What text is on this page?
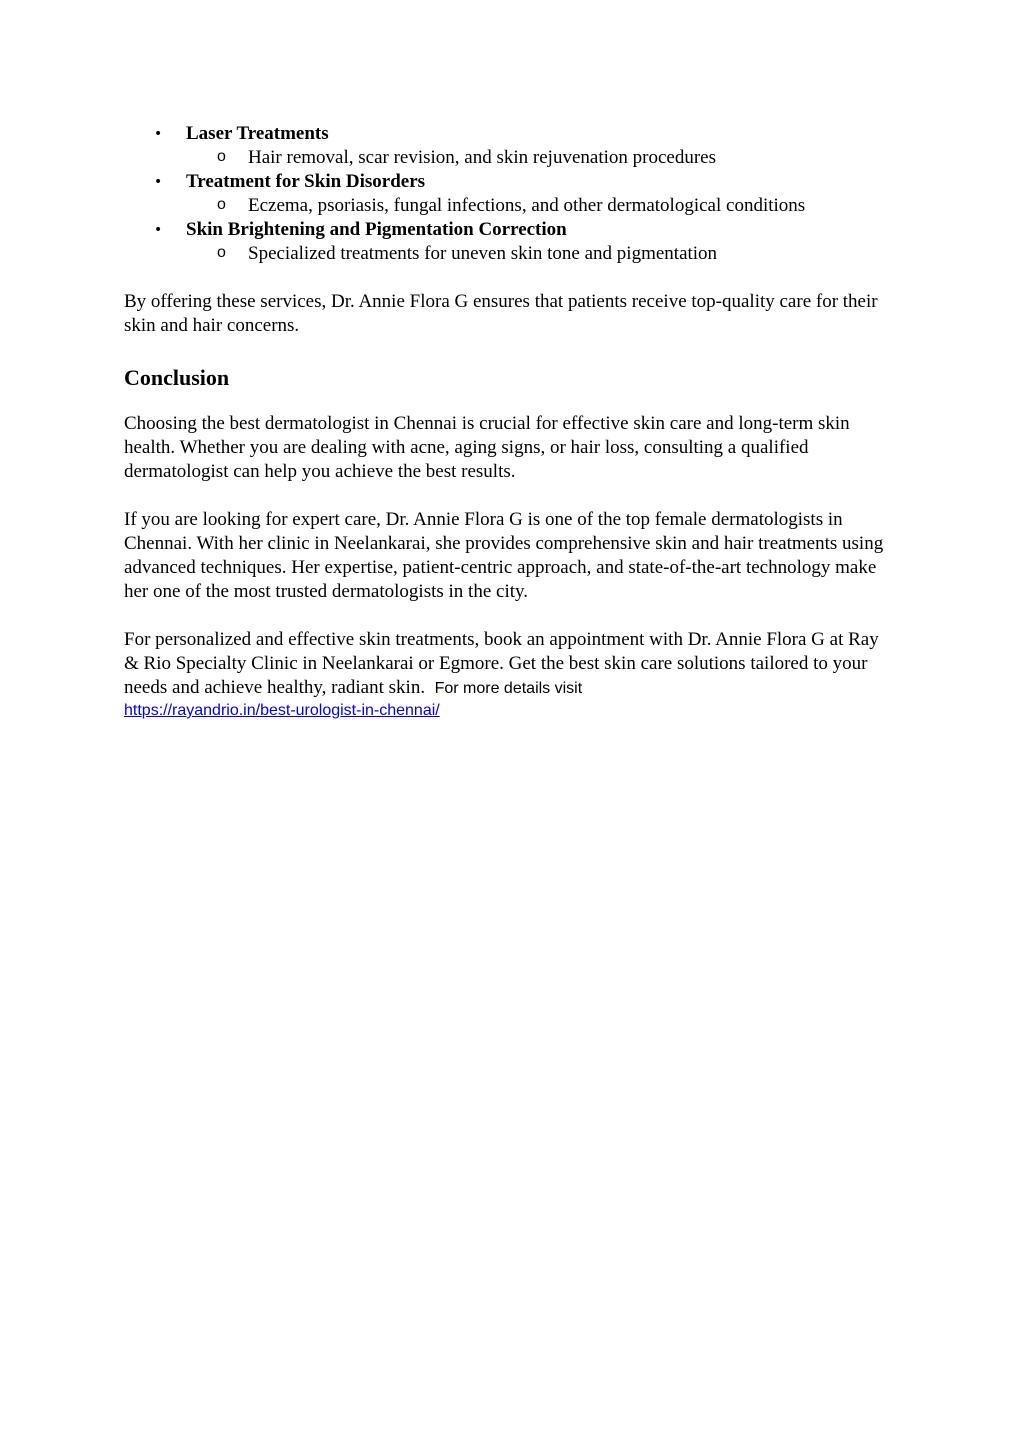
• Laser Treatments
o Hair removal, scar revision, and skin rejuvenation procedures
• Treatment for Skin Disorders
o Eczema, psoriasis, fungal infections, and other dermatological conditions
• Skin Brightening and Pigmentation Correction
o Specialized treatments for uneven skin tone and pigmentation

By offering these services, Dr. Annie Flora G ensures that patients receive top-quality care for their skin and hair concerns.

Conclusion

Choosing the best dermatologist in Chennai is crucial for effective skin care and long-term skin health. Whether you are dealing with acne, aging signs, or hair loss, consulting a qualified dermatologist can help you achieve the best results.

If you are looking for expert care, Dr. Annie Flora G is one of the top female dermatologists in Chennai. With her clinic in Neelankarai, she provides comprehensive skin and hair treatments using advanced techniques. Her expertise, patient-centric approach, and state-of-the-art technology make her one of the most trusted dermatologists in the city.

For personalized and effective skin treatments, book an appointment with Dr. Annie Flora G at Ray & Rio Specialty Clinic in Neelankarai or Egmore. Get the best skin care solutions tailored to your needs and achieve healthy, radiant skin. For more details visit
https://rayandrio.in/best-urologist-in-chennai/
